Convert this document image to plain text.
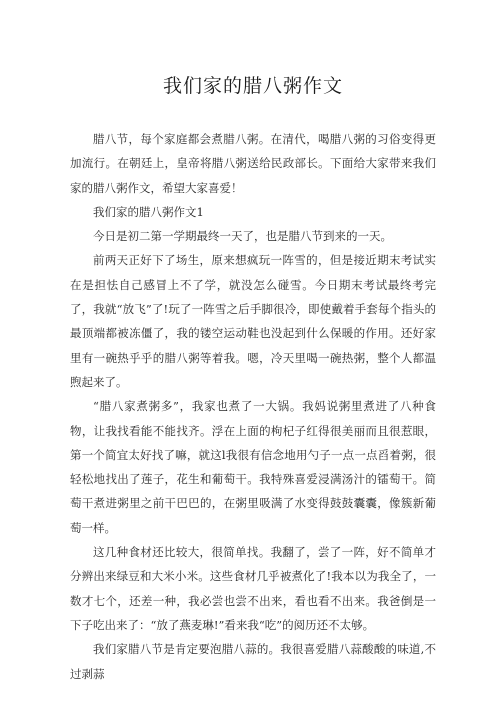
我们家的腊八粥作文

腊八节，每个家庭都会煮腊八粥。在清代，喝腊八粥的习俗变得更加流行。在朝廷上，皇帝将腊八粥送给民政部长。下面给大家带来我们家的腊八粥作文，希望大家喜爱！

我们家的腊八粥作文1

今日是初二第一学期最终一天了，也是腊八节到来的一天。

前两天正好下了场生，原来想疯玩一阵雪的，但是接近期末考试实在是担怯自己感冒上不了学，就没怎么碰雪。今日期末考试最终考完了，我就“放飞”了!玩了一阵雪之后手脚很冷，即使戴着手套每个指头的最顶端都被冻僵了，我的镂空运动鞋也没起到什么保暖的作用。还好家里有一碗热乎乎的腊八粥等着我。嗯，冷天里喝一碗热粥，整个人都温煦起来了。

“腊八家煮粥多”，我家也煮了一大锅。我妈说粥里煮进了八种食物，让我找看能不能找齐。浮在上面的枸杞子红得很美丽而且很惹眼，第一个简宜太好找了嘛，就这l我很有信念地用勺子一点一点舀着粥，很轻松地找出了莲子，花生和葡萄干。我特殊喜爱浸满汤汁的镭萄干。简萄干煮进粥里之前干巴巴的，在粥里吸满了水变得鼓鼓囊囊，像簇新葡萄一样。

这几种食材还比较大，很简单找。我翻了，尝了一阵，好不简单才分辨出来绿豆和大米小米。这些食材几乎被煮化了!我本以为我全了，一数才七个，还差一种，我必尝也尝不出来，看也看不出来。我爸倒是一下子吃出来了：“放了燕麦琳!”看来我“吃”的阅历还不太够。

我们家腊八节是肯定要泡腊八蒜的。我很喜爱腊八蒜酸酸的味道,不过剥蒜
